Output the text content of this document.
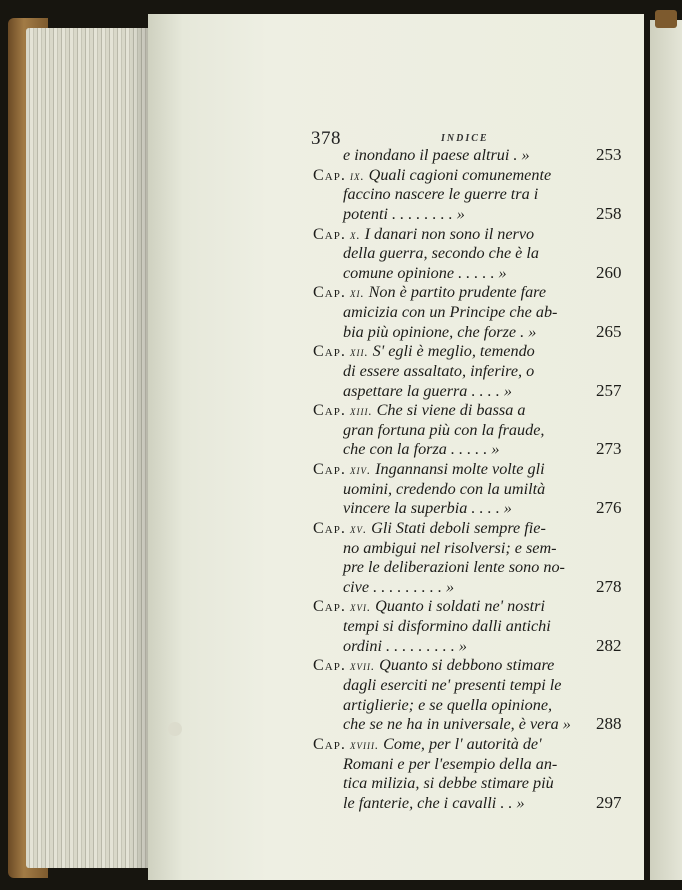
378	INDICE
e inondano il paese altrui . »	253
Cap. ix. Quali cagioni comunemente
faccino nascere le guerre tra i
potenti . . . . . . . . »	258
Cap. x. I danari non sono il nervo
della guerra, secondo che è la
comune opinione . . . . . »	260
Cap. xi. Non è partito prudente fare
amicizia con un Principe che ab-
bia più opinione, che forze . »	265
Cap. xii. S' egli è meglio, temendo
di essere assaltato, inferire, o
aspettare la guerra . . . . »	257
Cap. xiii. Che si viene di bassa a
gran fortuna più con la fraude,
che con la forza . . . . . »	273
Cap. xiv. Ingannansi molte volte gli
uomini, credendo con la umiltà
vincere la superbia . . . . »	276
Cap. xv. Gli Stati deboli sempre fie-
no ambigui nel risolversi; e sem-
pre le deliberazioni lente sono no-
cive . . . . . . . . . »	278
Cap. xvi. Quanto i soldati ne' nostri
tempi si disformino dalli antichi
ordini . . . . . . . . . »	282
Cap. xvii. Quanto si debbono stimare
dagli eserciti ne' presenti tempi le
artiglierie; e se quella opinione,
che se ne ha in universale, è vera » 288
Cap. xviii. Come, per l' autorità de'
Romani e per l'esempio della an-
tica milizia, si debbe stimare più
le fanterie, che i cavalli . . »	297
